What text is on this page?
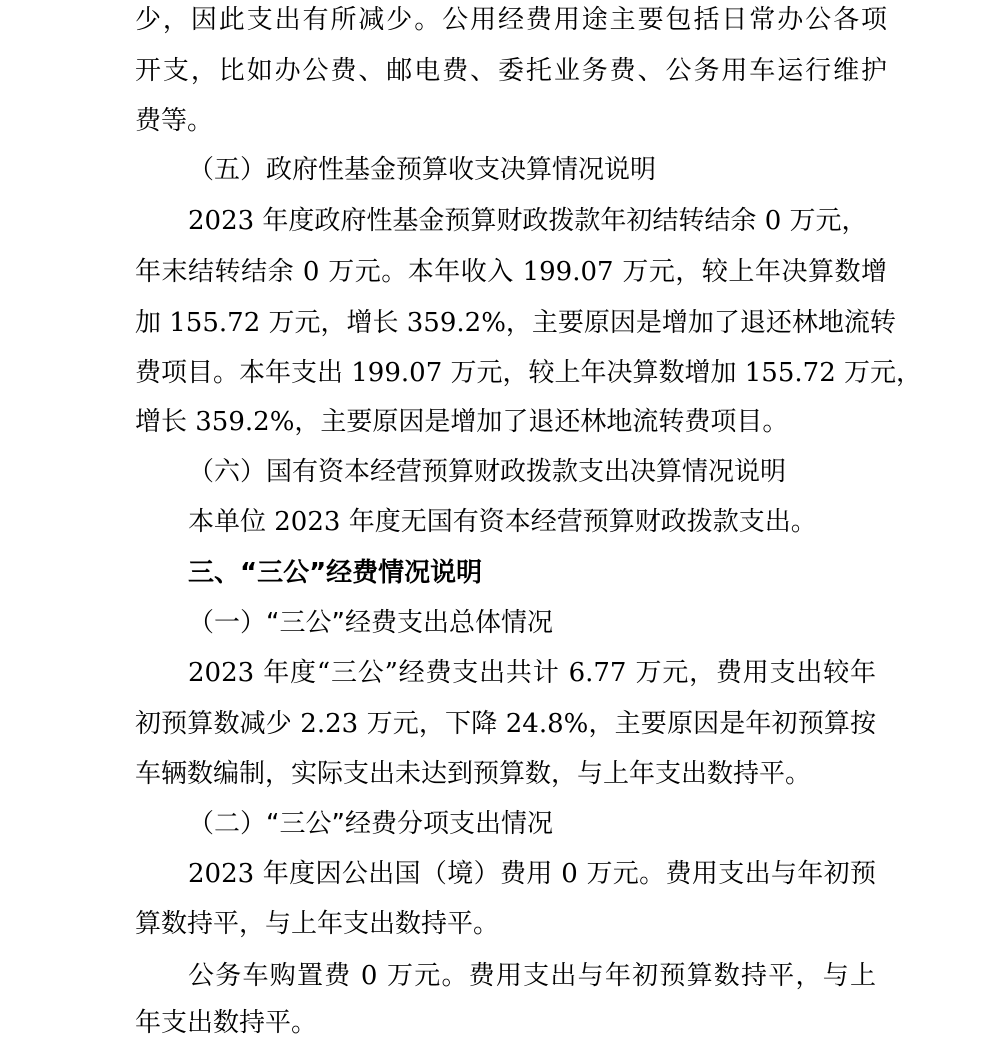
少，因此支出有所减少。公用经费用途主要包括日常办公各项
开支，比如办公费、邮电费、委托业务费、公务用车运行维护
费等。
（五）政府性基金预算收支决算情况说明
2023 年度政府性基金预算财政拨款年初结转结余 0 万元，
年末结转结余 0 万元。本年收入 199.07 万元，较上年决算数增
加 155.72 万元，增长 359.2%，主要原因是增加了退还林地流转
费项目。本年支出 199.07 万元，较上年决算数增加 155.72 万元，
增长 359.2%，主要原因是增加了退还林地流转费项目。
（六）国有资本经营预算财政拨款支出决算情况说明
本单位 2023 年度无国有资本经营预算财政拨款支出。
三、“三公”经费情况说明
（一）“三公”经费支出总体情况
2023 年度“三公”经费支出共计 6.77 万元，费用支出较年
初预算数减少 2.23 万元，下降 24.8%，主要原因是年初预算按
车辆数编制，实际支出未达到预算数，与上年支出数持平。
（二）“三公”经费分项支出情况
2023 年度因公出国（境）费用 0 万元。费用支出与年初预
算数持平，与上年支出数持平。
公务车购置费 0 万元。费用支出与年初预算数持平，与上
年支出数持平。
